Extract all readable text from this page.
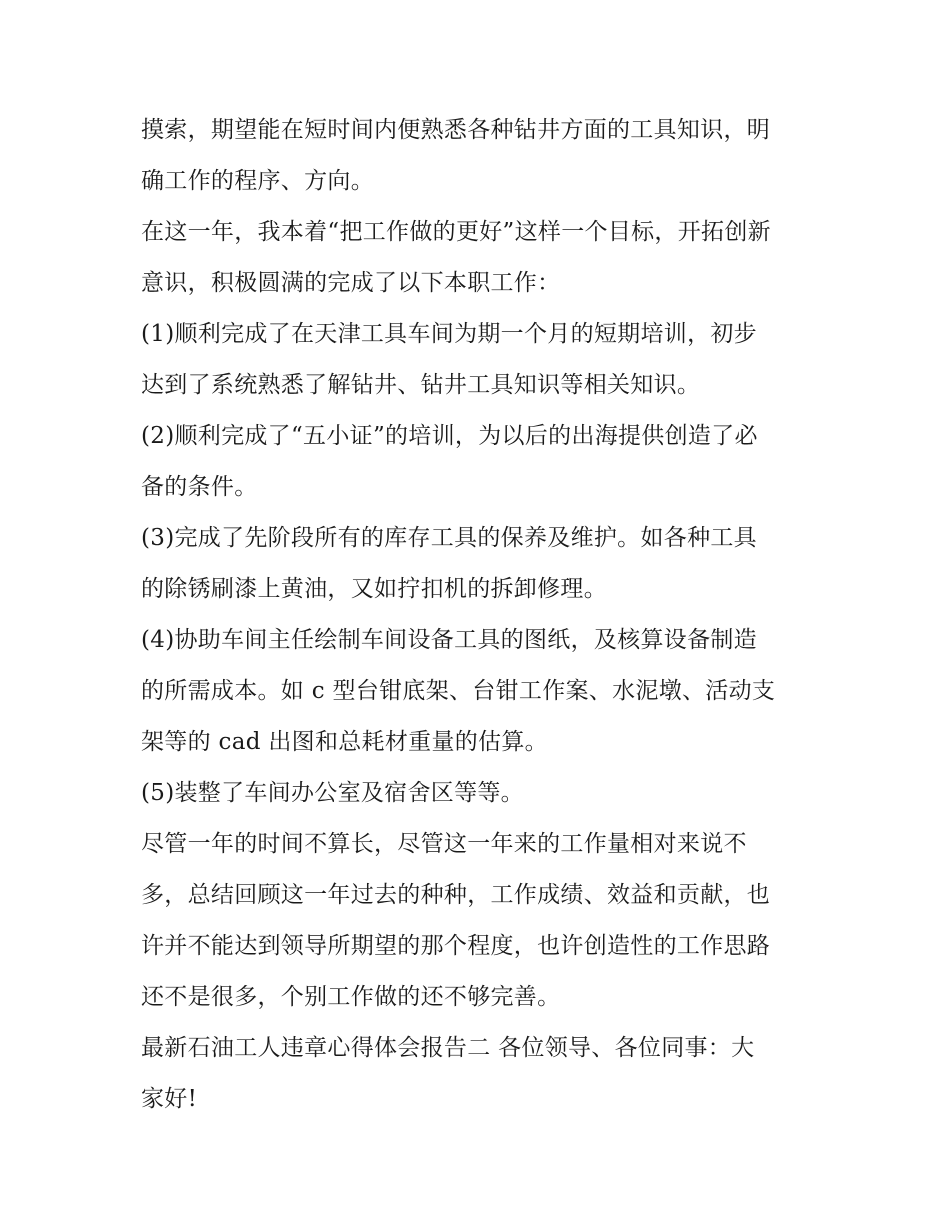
摸索，期望能在短时间内便熟悉各种钻井方面的工具知识，明
确工作的程序、方向。
在这一年，我本着“把工作做的更好”这样一个目标，开拓创新
意识，积极圆满的完成了以下本职工作：
(1)顺利完成了在天津工具车间为期一个月的短期培训，初步
达到了系统熟悉了解钻井、钻井工具知识等相关知识。
(2)顺利完成了“五小证”的培训，为以后的出海提供创造了必
备的条件。
(3)完成了先阶段所有的库存工具的保养及维护。如各种工具
的除锈刷漆上黄油，又如拧扣机的拆卸修理。
(4)协助车间主任绘制车间设备工具的图纸，及核算设备制造
的所需成本。如 c 型台钳底架、台钳工作案、水泥墩、活动支
架等的 cad 出图和总耗材重量的估算。
(5)装整了车间办公室及宿舍区等等。
尽管一年的时间不算长，尽管这一年来的工作量相对来说不
多，总结回顾这一年过去的种种，工作成绩、效益和贡献，也
许并不能达到领导所期望的那个程度，也许创造性的工作思路
还不是很多，个别工作做的还不够完善。
最新石油工人违章心得体会报告二 各位领导、各位同事：大
家好!
